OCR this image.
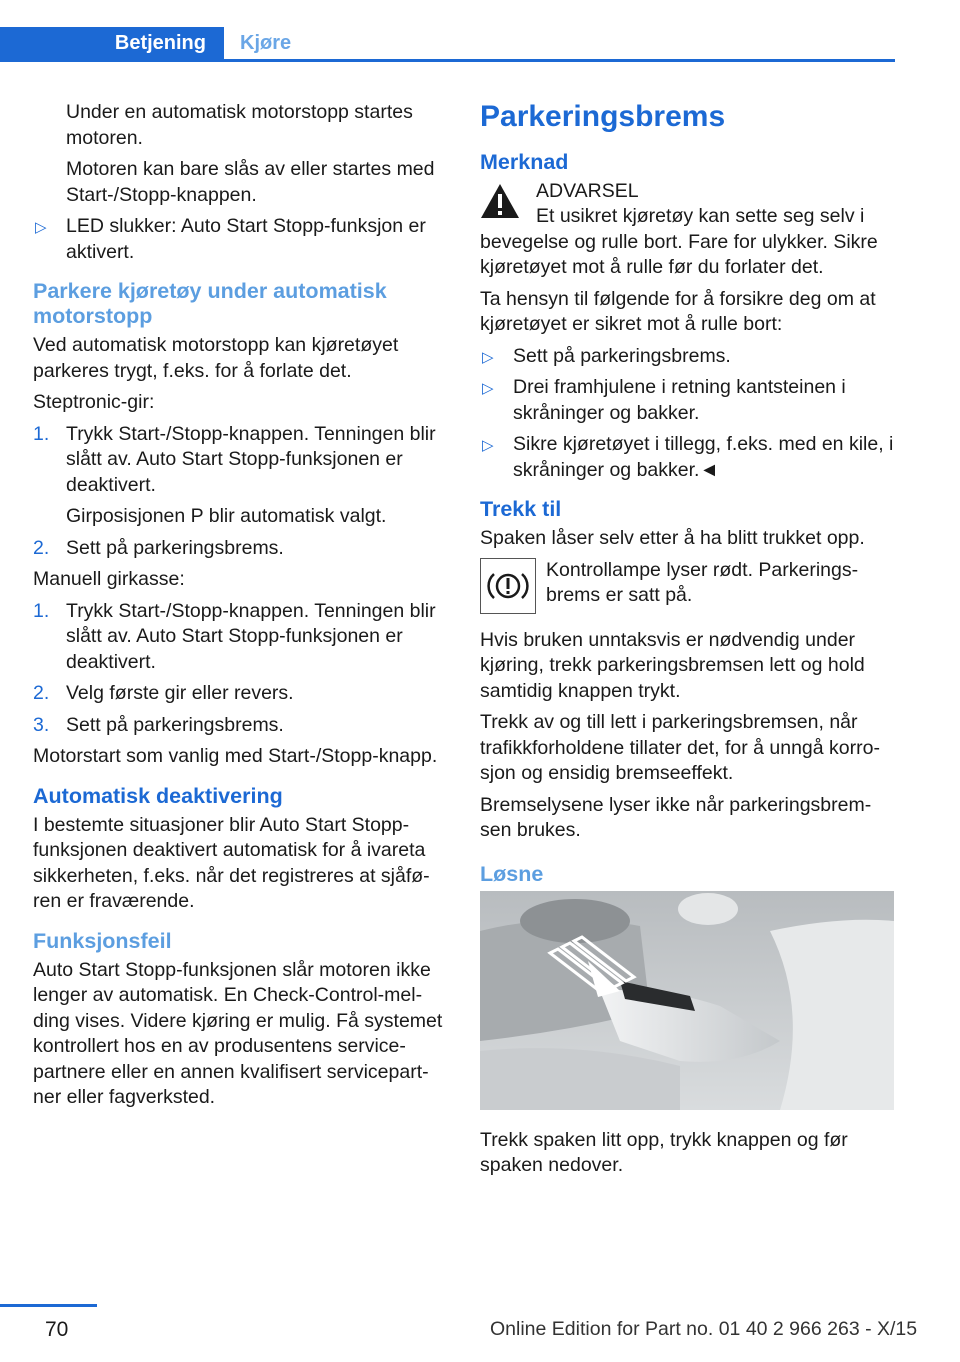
Betjening Kjøre

Under en automatisk motorstopp startes motoren.

Motoren kan bare slås av eller startes med Start-/Stopp-knappen.

▷ LED slukker: Auto Start Stopp-funksjon er aktivert.
Parkere kjøretøy under automatisk motorstopp

Ved automatisk motorstopp kan kjøretøyet parkeres trygt, f.eks. for å forlate det.

Steptronic-gir:

1. Trykk Start-/Stopp-knappen. Tenningen blir slått av. Auto Start Stopp-funksjonen er deaktivert.
Girposisjonen P blir automatisk valgt.
2. Sett på parkeringsbrems.

Manuell girkasse:

1. Trykk Start-/Stopp-knappen. Tenningen blir slått av. Auto Start Stopp-funksjonen er deaktivert.
2. Velg første gir eller revers.
3. Sett på parkeringsbrems.

Motorstart som vanlig med Start-/Stopp-knapp.

Automatisk deaktivering

I bestemte situasjoner blir Auto Start Stopp-funksjonen deaktivert automatisk for å ivareta sikkerheten, f.eks. når det registreres at sjåfø-ren er fraværende.

Funksjonsfeil

Auto Start Stopp-funksjonen slår motoren ikke lenger av automatisk. En Check-Control-mel-ding vises. Videre kjøring er mulig. Få systemet kontrollert hos en av produsentens service-partnere eller en annen kvalifisert servicepart-ner eller fagverksted.

Parkeringsbrems
Merknad
ADVARSEL

Et usikret kjøretøy kan sette seg selv i bevegelse og rulle bort. Fare for ulykker. Sikre kjøretøyet mot å rulle før du forlater det.

Ta hensyn til følgende for å forsikre deg om at kjøretøyet er sikret mot å rulle bort:

▷ Sett på parkeringsbrems.
▷ Drei framhjulene i retning kantsteinen i skråninger og bakker.
▷ Sikre kjøretøyet i tillegg, f.eks. med en kile, i skråninger og bakker.◄
Trekk til

Spaken låser selv etter å ha blitt trukket opp.

Kontrollampe lyser rødt. Parkerings-brems er satt på.

Hvis bruken unntaksvis er nødvendig under kjøring, trekk parkeringsbremsen lett og hold samtidig knappen trykt.

Trekk av og till lett i parkeringsbremsen, når trafikkforholdene tillater det, for å unngå korro-sjon og ensidig bremseeffekt.

Bremselysene lyser ikke når parkeringsbrem-sen brukes.

Løsne

Trekk spaken litt opp, trykk knappen og før spaken nedover.

70	Online Edition for Part no. 01 40 2 966 263 - X/15
